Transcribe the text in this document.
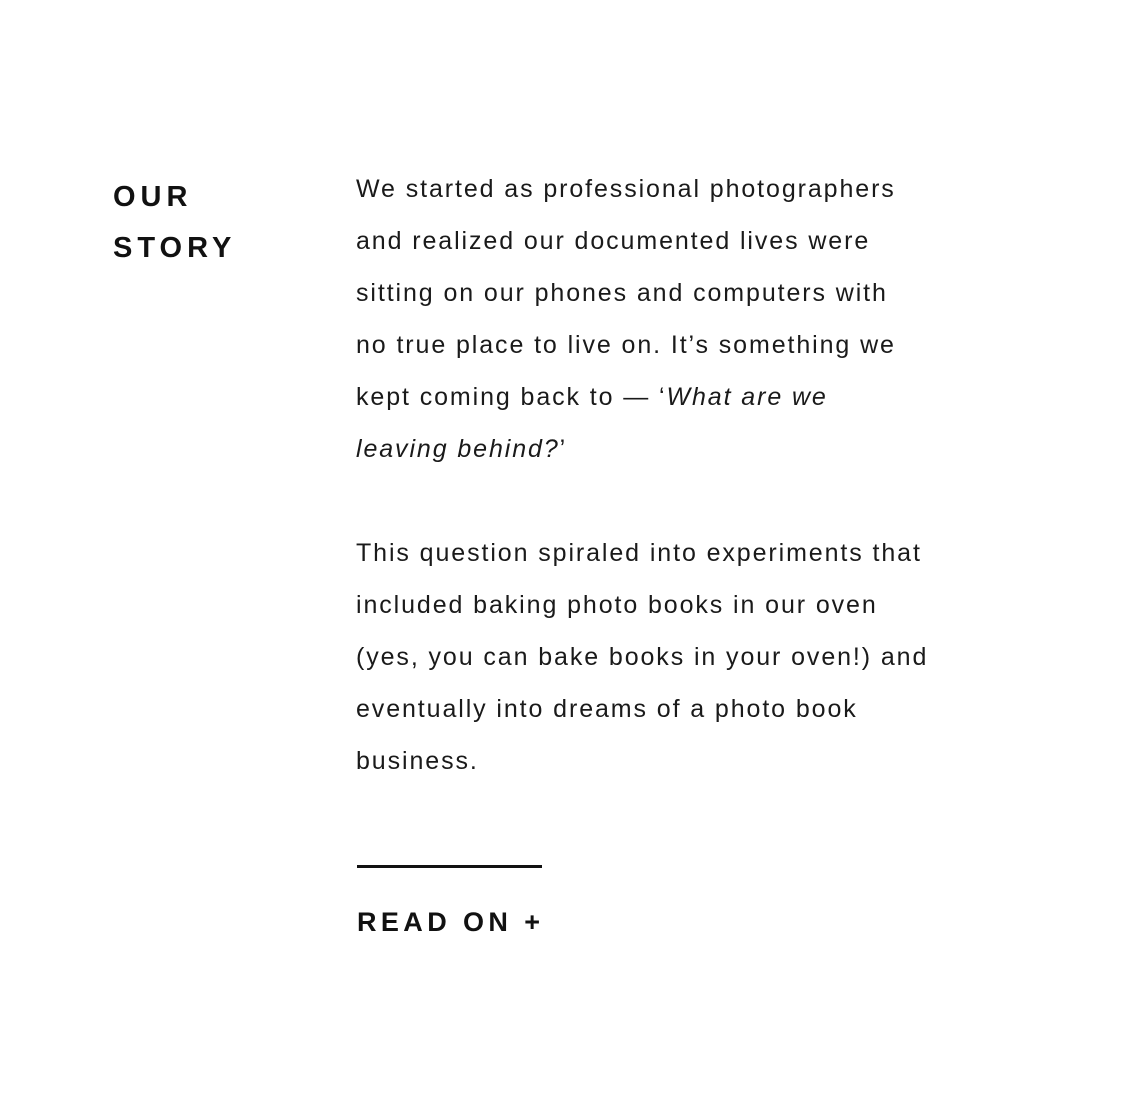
OUR
STORY

We started as professional photographers
and realized our documented lives were
sitting on our phones and computers with
no true place to live on. It’s something we
kept coming back to — ‘What are we
leaving behind?’

This question spiraled into experiments that
included baking photo books in our oven
(yes, you can bake books in your oven!) and
eventually into dreams of a photo book
business.

READ ON +
